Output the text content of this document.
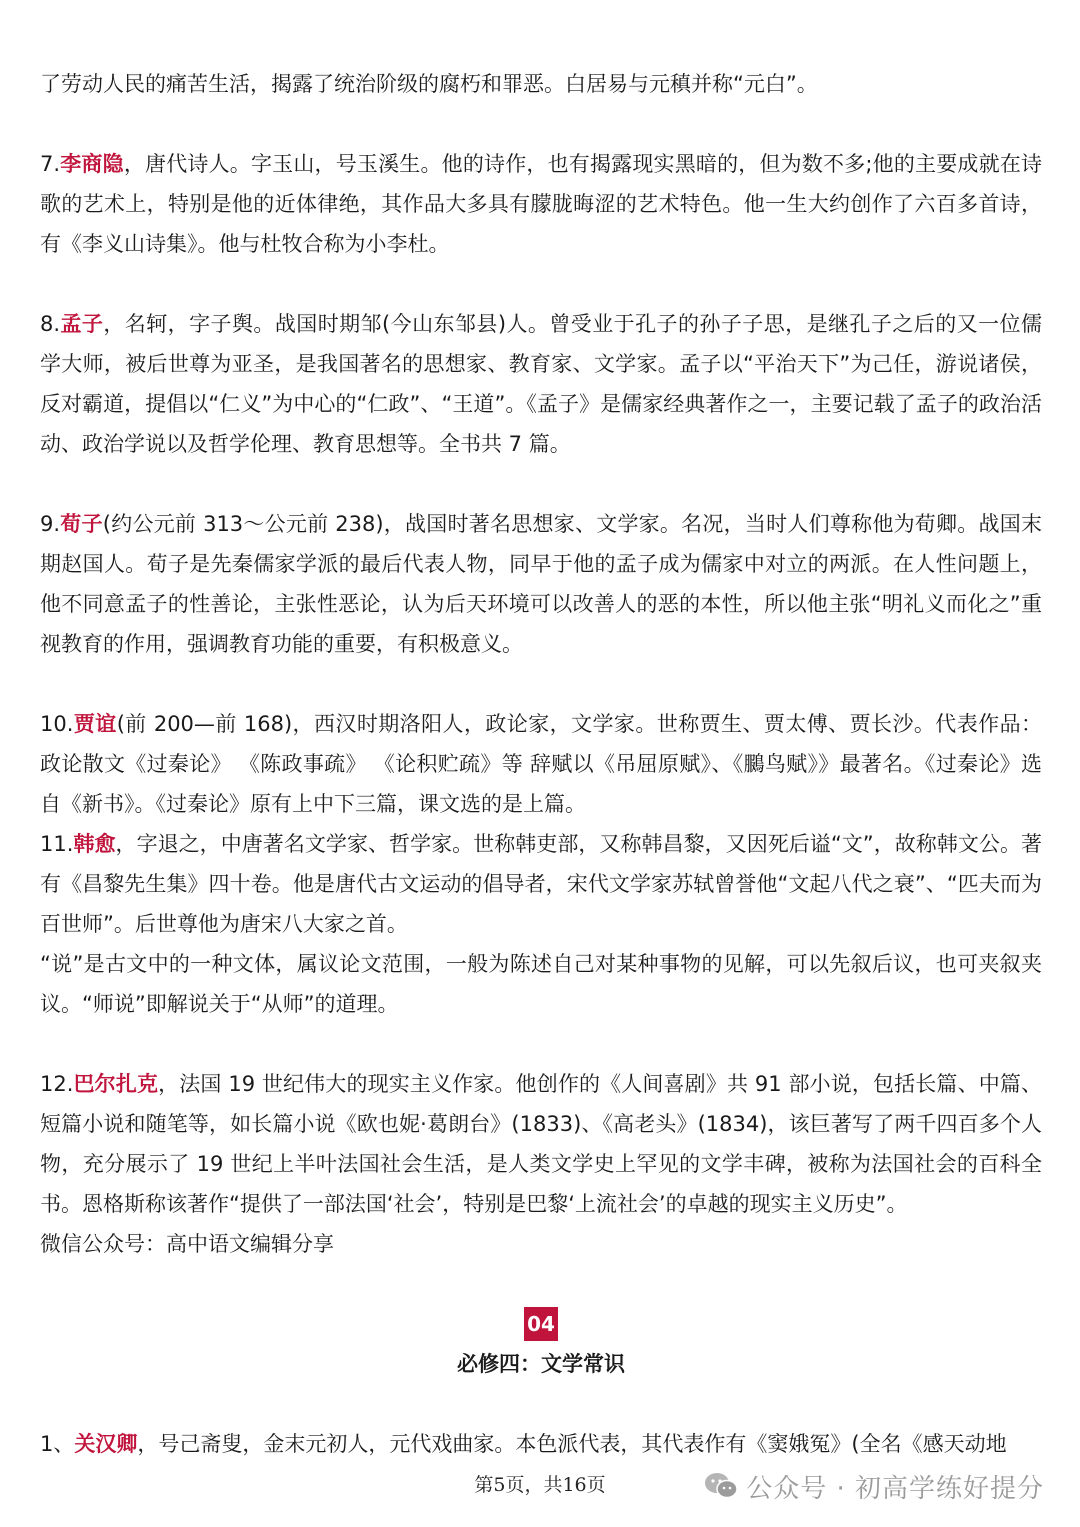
了劳动人民的痛苦生活，揭露了统治阶级的腐朽和罪恶。白居易与元稹并称“元白”。

7.李商隐，唐代诗人。字玉山，号玉溪生。他的诗作，也有揭露现实黑暗的，但为数不多;他的主要成就在诗歌的艺术上，特别是他的近体律绝，其作品大多具有朦胧晦涩的艺术特色。他一生大约创作了六百多首诗，有《李义山诗集》。他与杜牧合称为小李杜。

8.孟子，名轲，字子舆。战国时期邹(今山东邹县)人。曾受业于孔子的孙子子思，是继孔子之后的又一位儒学大师，被后世尊为亚圣，是我国著名的思想家、教育家、文学家。孟子以“平治天下”为己任，游说诸侯，反对霸道，提倡以“仁义”为中心的“仁政”、“王道”。《孟子》是儒家经典著作之一，主要记载了孟子的政治活动、政治学说以及哲学伦理、教育思想等。全书共 7 篇。

9.荀子(约公元前 313～公元前 238)，战国时著名思想家、文学家。名况，当时人们尊称他为荀卿。战国末期赵国人。荀子是先秦儒家学派的最后代表人物，同早于他的孟子成为儒家中对立的两派。在人性问题上，他不同意孟子的性善论，主张性恶论，认为后天环境可以改善人的恶的本性，所以他主张“明礼义而化之”重视教育的作用，强调教育功能的重要，有积极意义。

10.贾谊(前 200—前 168)，西汉时期洛阳人，政论家，文学家。世称贾生、贾太傅、贾长沙。代表作品：政论散文《过秦论》 《陈政事疏》 《论积贮疏》等 辞赋以《吊屈原赋》、《鵩鸟赋》》最著名。《过秦论》选自《新书》。《过秦论》原有上中下三篇，课文选的是上篇。

11.韩愈，字退之，中唐著名文学家、哲学家。世称韩吏部，又称韩昌黎，又因死后谥“文”，故称韩文公。著有《昌黎先生集》四十卷。他是唐代古文运动的倡导者，宋代文学家苏轼曾誉他“文起八代之衰”、“匹夫而为百世师”。后世尊他为唐宋八大家之首。

“说”是古文中的一种文体，属议论文范围，一般为陈述自己对某种事物的见解，可以先叙后议，也可夹叙夹议。“师说”即解说关于“从师”的道理。

12.巴尔扎克，法国 19 世纪伟大的现实主义作家。他创作的《人间喜剧》共 91 部小说，包括长篇、中篇、短篇小说和随笔等，如长篇小说《欧也妮·葛朗台》(1833)、《高老头》(1834)，该巨著写了两千四百多个人物，充分展示了 19 世纪上半叶法国社会生活，是人类文学史上罕见的文学丰碑，被称为法国社会的百科全书。恩格斯称该著作“提供了一部法国‘社会’，特别是巴黎‘上流社会’的卓越的现实主义历史”。

微信公众号：高中语文编辑分享

04
必修四：文学常识

1、关汉卿，号己斋叟，金末元初人，元代戏曲家。本色派代表，其代表作有《窦娥冤》(全名《感天动地

第5页，共16页	公众号 · 初高学练好提分
